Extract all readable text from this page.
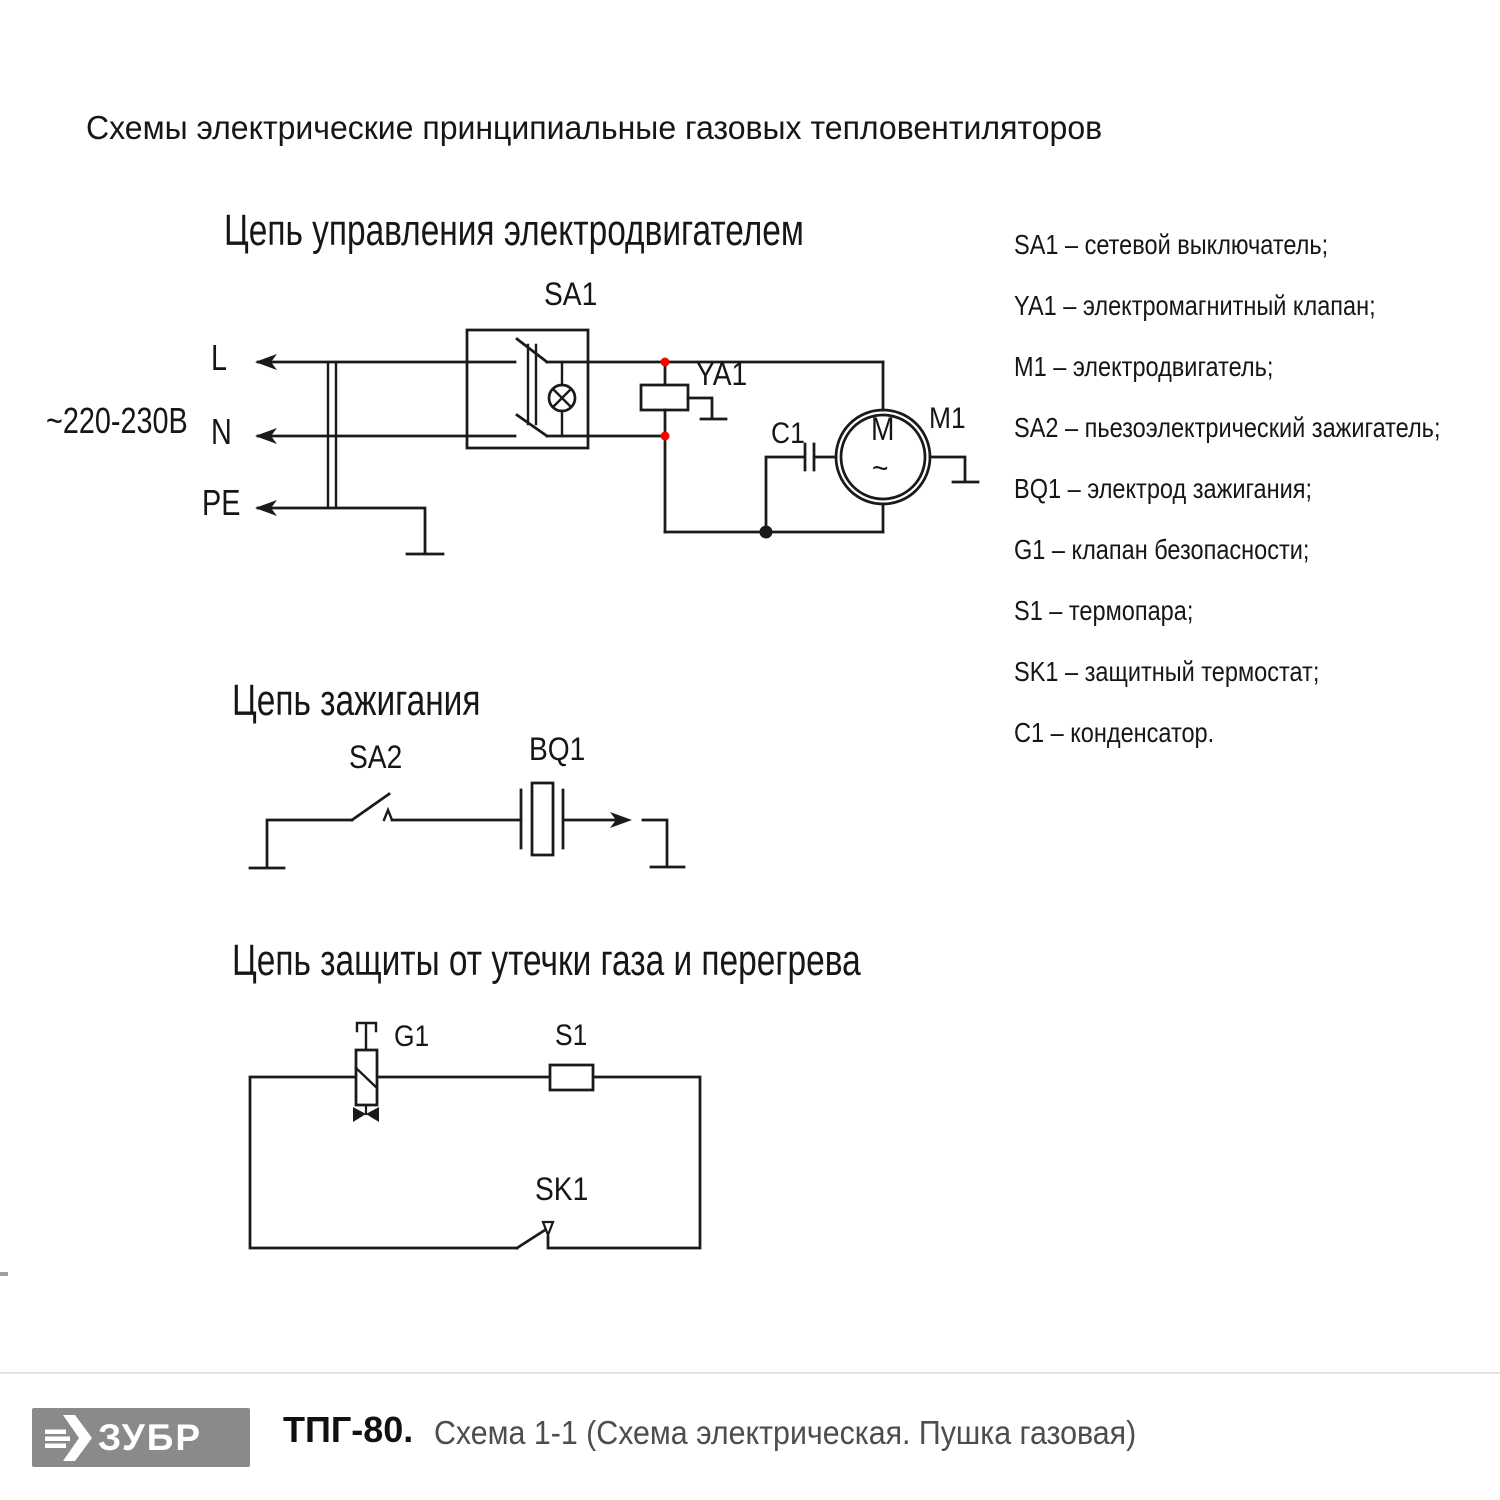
Схемы электрические принципиальные газовых тепловентиляторов
Цепь управления электродвигателем
Цепь зажигания
Цепь защиты от утечки газа и перегрева
~220-230В
L
N
PE
SA1
YA1
C1	M1
M
~
SA2	BQ1
G1	S1
SK1
SA1 – сетевой выключатель;
YA1 – электромагнитный клапан;
M1 – электродвигатель;
SA2 – пьезоэлектрический зажигатель;
BQ1 – электрод зажигания;
G1 – клапан безопасности;
S1 – термопара;
SK1 – защитный термостат;
C1 – конденсатор.
ЗУБР ТПГ-80. Схема 1-1 (Схема электрическая. Пушка газовая)
